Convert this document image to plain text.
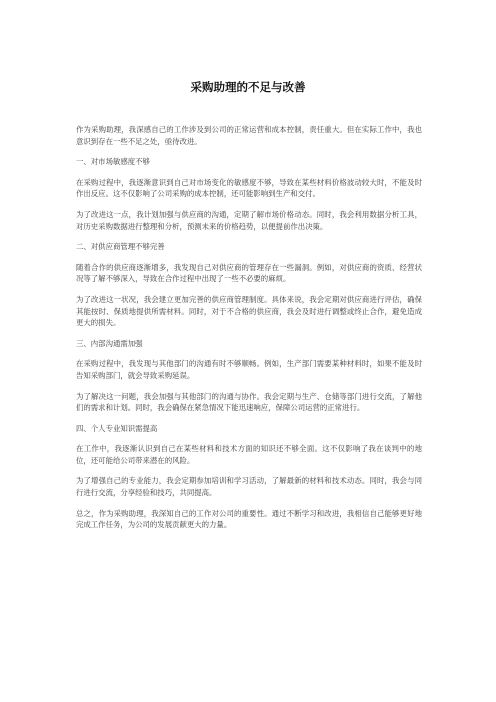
采购助理的不足与改善

作为采购助理，我深感自己的工作涉及到公司的正常运营和成本控制，责任重大。但在实际工作中，我也意识到存在一些不足之处，亟待改进。

一、对市场敏感度不够

在采购过程中，我逐渐意识到自己对市场变化的敏感度不够，导致在某些材料价格波动较大时，不能及时作出反应。这不仅影响了公司采购的成本控制，还可能影响到生产和交付。

为了改进这一点，我计划加强与供应商的沟通，定期了解市场价格动态。同时，我会利用数据分析工具，对历史采购数据进行整理和分析，预测未来的价格趋势，以便提前作出决策。

二、对供应商管理不够完善

随着合作的供应商逐渐增多，我发现自己对供应商的管理存在一些漏洞。例如，对供应商的资质、经营状况等了解不够深入，导致在合作过程中出现了一些不必要的麻烦。

为了改进这一状况，我会建立更加完善的供应商管理制度。具体来说，我会定期对供应商进行评估，确保其能按时、保质地提供所需材料。同时，对于不合格的供应商，我会及时进行调整或终止合作，避免造成更大的损失。

三、内部沟通需加强

在采购过程中，我发现与其他部门的沟通有时不够顺畅。例如，生产部门需要某种材料时，如果不能及时告知采购部门，就会导致采购延误。

为了解决这一问题，我会加强与其他部门的沟通与协作。我会定期与生产、仓储等部门进行交流，了解他们的需求和计划。同时，我会确保在紧急情况下能迅速响应，保障公司运营的正常进行。

四、个人专业知识需提高

在工作中，我逐渐认识到自己在某些材料和技术方面的知识还不够全面。这不仅影响了我在谈判中的地位，还可能给公司带来潜在的风险。

为了增强自己的专业能力，我会定期参加培训和学习活动，了解最新的材料和技术动态。同时，我会与同行进行交流，分享经验和技巧，共同提高。

总之，作为采购助理，我深知自己的工作对公司的重要性。通过不断学习和改进，我相信自己能够更好地完成工作任务，为公司的发展贡献更大的力量。
